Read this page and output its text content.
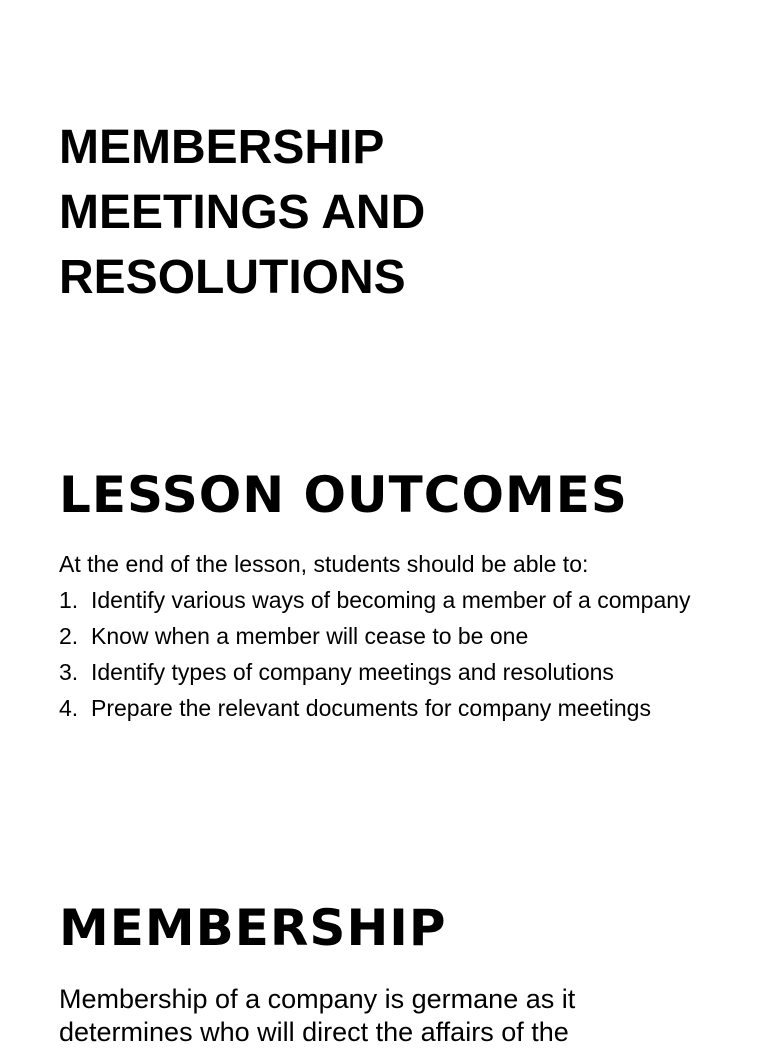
MEMBERSHIP
MEETINGS AND
RESOLUTIONS
LESSON OUTCOMES

At the end of the lesson, students should be able to:

1. Identify various ways of becoming a member of a company
2. Know when a member will cease to be one
3. Identify types of company meetings and resolutions
4. Prepare the relevant documents for company meetings
MEMBERSHIP

Membership of a company is germane as it determines who will direct the affairs of the
